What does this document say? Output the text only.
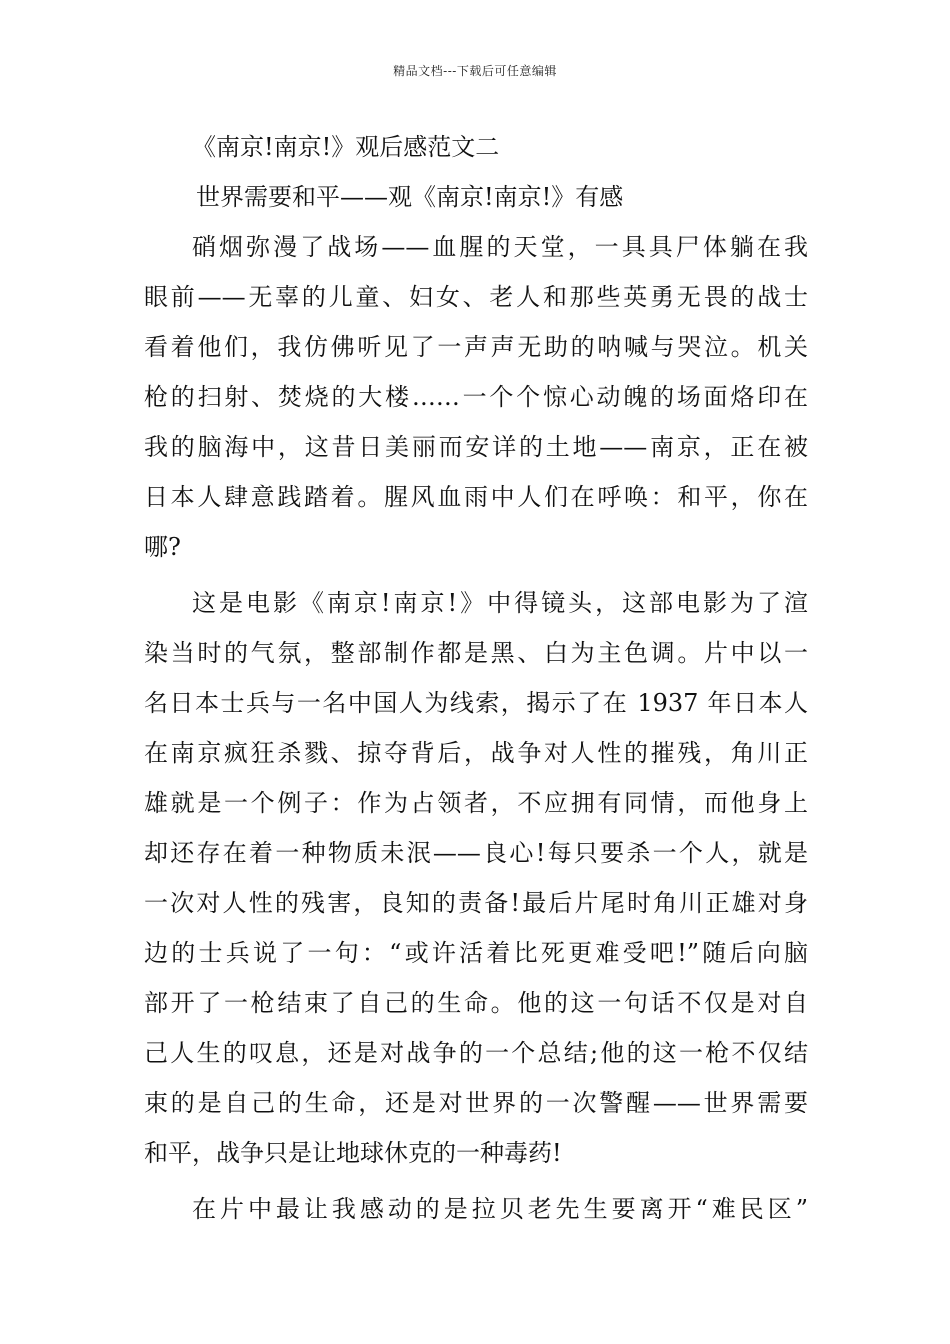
精品文档---下载后可任意编辑
《南京!南京!》观后感范文二
世界需要和平——观《南京!南京!》有感
硝烟弥漫了战场——血腥的天堂，一具具尸体躺在我
眼前——无辜的儿童、妇女、老人和那些英勇无畏的战士
看着他们，我仿佛听见了一声声无助的呐喊与哭泣。机关
枪的扫射、焚烧的大楼……一个个惊心动魄的场面烙印在
我的脑海中，这昔日美丽而安详的土地——南京，正在被
日本人肆意践踏着。腥风血雨中人们在呼唤：和平，你在
哪?
这是电影《南京!南京!》中得镜头，这部电影为了渲
染当时的气氛，整部制作都是黑、白为主色调。片中以一
名日本士兵与一名中国人为线索，揭示了在 1937 年日本人
在南京疯狂杀戮、掠夺背后，战争对人性的摧残，角川正
雄就是一个例子：作为占领者，不应拥有同情，而他身上
却还存在着一种物质未泯——良心!每只要杀一个人，就是
一次对人性的残害，良知的责备!最后片尾时角川正雄对身
边的士兵说了一句：“或许活着比死更难受吧!”随后向脑
部开了一枪结束了自己的生命。他的这一句话不仅是对自
己人生的叹息，还是对战争的一个总结;他的这一枪不仅结
束的是自己的生命，还是对世界的一次警醒——世界需要
和平，战争只是让地球休克的一种毒药!
在片中最让我感动的是拉贝老先生要离开“难民区”
